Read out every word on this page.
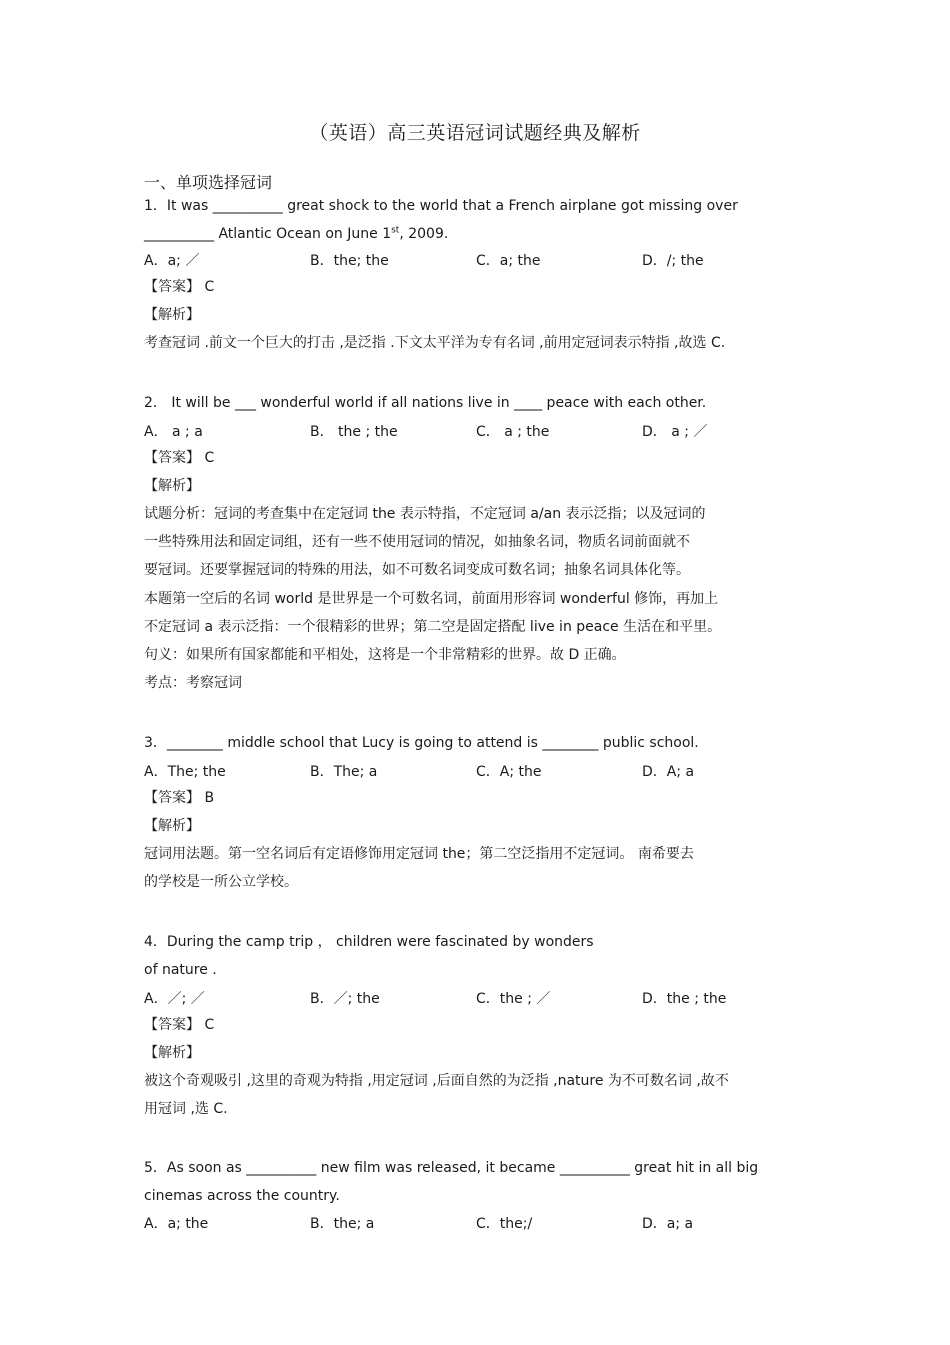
（英语）高三英语冠词试题经典及解析
一、单项选择冠词
1．It was __________ great shock to the world that a French airplane got missing over
__________ Atlantic Ocean on June 1st, 2009.
A．a; ／	B．the; the	C．a; the	D．/; the
【答案】 C
【解析】
考查冠词 .前文一个巨大的打击 ,是泛指 .下文太平洋为专有名词 ,前用定冠词表示特指 ,故选 C.
2． It will be ___ wonderful world if all nations live in ____ peace with each other.
A． a ; a	B． the ; the	C． a ; the	D． a ; ／
【答案】 C
【解析】
试题分析：冠词的考查集中在定冠词 the 表示特指，不定冠词 a/an 表示泛指；以及冠词的
一些特殊用法和固定词组，还有一些不使用冠词的情况，如抽象名词，物质名词前面就不
要冠词。还要掌握冠词的特殊的用法，如不可数名词变成可数名词；抽象名词具体化等。
本题第一空后的名词 world 是世界是一个可数名词，前面用形容词 wonderful 修饰，再加上
不定冠词 a 表示泛指：一个很精彩的世界；第二空是固定搭配 live in peace 生活在和平里。
句义：如果所有国家都能和平相处，这将是一个非常精彩的世界。故 D 正确。
考点：考察冠词
3．________ middle school that Lucy is going to attend is ________ public school.
A．The; the	B．The; a	C．A; the	D．A; a
【答案】 B
【解析】
冠词用法题。第一空名词后有定语修饰用定冠词 the；第二空泛指用不定冠词。 南希要去
的学校是一所公立学校。
4．During the camp trip ， children were fascinated by wonders
of nature .
A．／; ／	B．／; the	C．the ; ／	D．the ; the
【答案】 C
【解析】
被这个奇观吸引 ,这里的奇观为特指 ,用定冠词 ,后面自然的为泛指 ,nature 为不可数名词 ,故不
用冠词 ,选 C.
5．As soon as __________ new film was released, it became __________ great hit in all big
cinemas across the country.
A．a; the	B．the; a	C．the;/	D．a; a
